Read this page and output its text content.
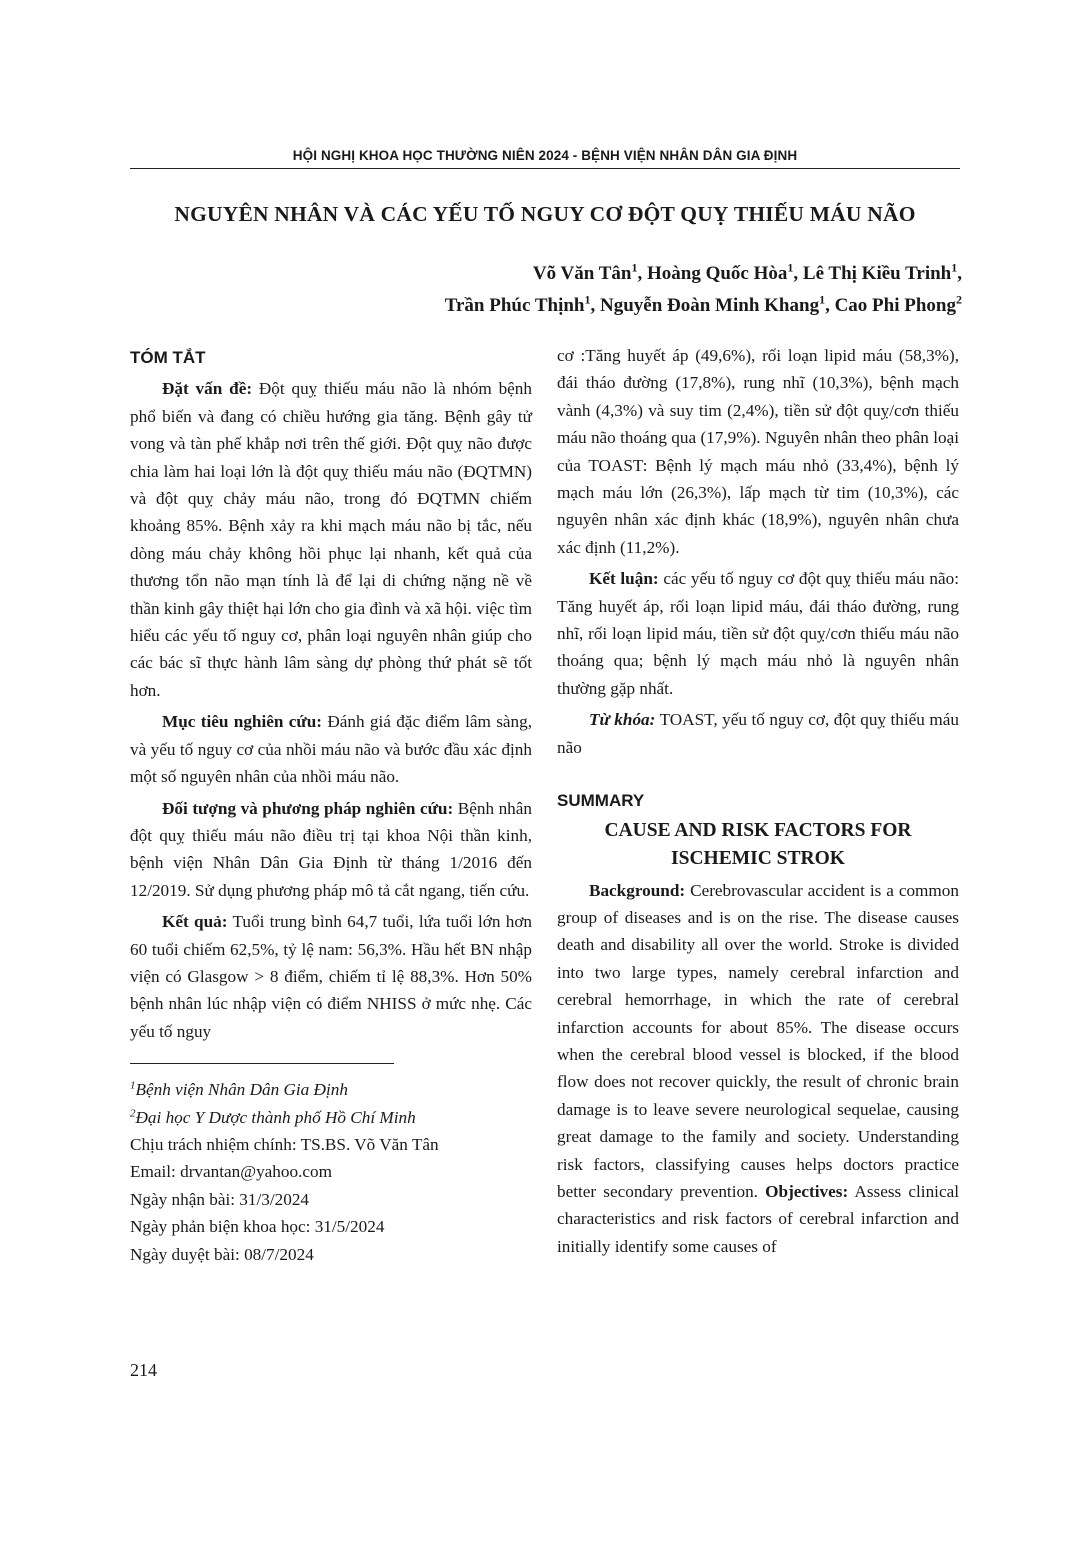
HỘI NGHỊ KHOA HỌC THƯỜNG NIÊN 2024 - BỆNH VIỆN NHÂN DÂN GIA ĐỊNH
NGUYÊN NHÂN VÀ CÁC YẾU TỐ NGUY CƠ ĐỘT QUỴ THIẾU MÁU NÃO
Võ Văn Tân$^1$, Hoàng Quốc Hòa$^1$, Lê Thị Kiều Trinh$^1$,
Trần Phúc Thịnh$^1$, Nguyễn Đoàn Minh Khang$^1$, Cao Phi Phong$^2$
TÓM TẮT

Đặt vấn đề: Đột quỵ thiếu máu não là nhóm bệnh phổ biến và đang có chiều hướng gia tăng. Bệnh gây tử vong và tàn phế khắp nơi trên thế giới. Đột quỵ não được chia làm hai loại lớn là đột quỵ thiếu máu não (ĐQTMN) và đột quỵ chảy máu não, trong đó ĐQTMN chiếm khoảng 85%. Bệnh xảy ra khi mạch máu não bị tắc, nếu dòng máu chảy không hồi phục lại nhanh, kết quả của thương tổn não mạn tính là để lại di chứng nặng nề về thần kinh gây thiệt hại lớn cho gia đình và xã hội. việc tìm hiểu các yếu tố nguy cơ, phân loại nguyên nhân giúp cho các bác sĩ thực hành lâm sàng dự phòng thứ phát sẽ tốt hơn.

Mục tiêu nghiên cứu: Đánh giá đặc điểm lâm sàng, và yếu tố nguy cơ của nhồi máu não và bước đầu xác định một số nguyên nhân của nhồi máu não.

Đối tượng và phương pháp nghiên cứu: Bệnh nhân đột quỵ thiếu máu não điều trị tại khoa Nội thần kinh, bệnh viện Nhân Dân Gia Định từ tháng 1/2016 đến 12/2019. Sử dụng phương pháp mô tả cắt ngang, tiến cứu.

Kết quả: Tuổi trung bình 64,7 tuổi, lứa tuổi lớn hơn 60 tuổi chiếm 62,5%, tỷ lệ nam: 56,3%. Hầu hết BN nhập viện có Glasgow > 8 điểm, chiếm tỉ lệ 88,3%. Hơn 50% bệnh nhân lúc nhập viện có điểm NHISS ở mức nhẹ. Các yếu tố nguy

$^1$Bệnh viện Nhân Dân Gia Định
$^2$Đại học Y Dược thành phố Hồ Chí Minh
Chịu trách nhiệm chính: TS.BS. Võ Văn Tân
Email: drvantan@yahoo.com
Ngày nhận bài: 31/3/2024
Ngày phản biện khoa học: 31/5/2024
Ngày duyệt bài: 08/7/2024

cơ :Tăng huyết áp (49,6%), rối loạn lipid máu (58,3%), đái tháo đường (17,8%), rung nhĩ (10,3%), bệnh mạch vành (4,3%) và suy tim (2,4%), tiền sử đột quỵ/cơn thiếu máu não thoáng qua (17,9%). Nguyên nhân theo phân loại của TOAST: Bệnh lý mạch máu nhỏ (33,4%), bệnh lý mạch máu lớn (26,3%), lấp mạch từ tim (10,3%), các nguyên nhân xác định khác (18,9%), nguyên nhân chưa xác định (11,2%).

Kết luận: các yếu tố nguy cơ đột quỵ thiếu máu não: Tăng huyết áp, rối loạn lipid máu, đái tháo đường, rung nhĩ, rối loạn lipid máu, tiền sử đột quỵ/cơn thiếu máu não thoáng qua; bệnh lý mạch máu nhỏ là nguyên nhân thường gặp nhất.

Từ khóa: TOAST, yếu tố nguy cơ, đột quỵ thiếu máu não

SUMMARY
CAUSE AND RISK FACTORS FOR
ISCHEMIC STROK

Background: Cerebrovascular accident is a common group of diseases and is on the rise. The disease causes death and disability all over the world. Stroke is divided into two large types, namely cerebral infarction and cerebral hemorrhage, in which the rate of cerebral infarction accounts for about 85%. The disease occurs when the cerebral blood vessel is blocked, if the blood flow does not recover quickly, the result of chronic brain damage is to leave severe neurological sequelae, causing great damage to the family and society. Understanding risk factors, classifying causes helps doctors practice better secondary prevention. Objectives: Assess clinical characteristics and risk factors of cerebral infarction and initially identify some causes of

214
